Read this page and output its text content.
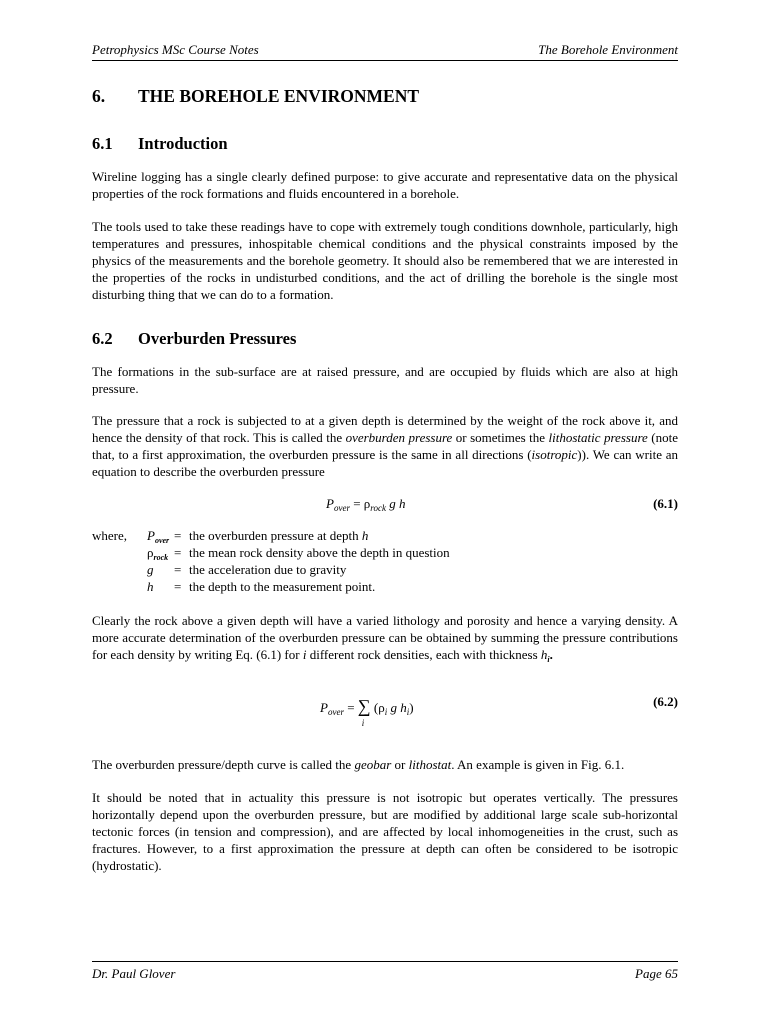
Petrophysics MSc Course Notes	The Borehole Environment
6. THE BOREHOLE ENVIRONMENT
6.1 Introduction
Wireline logging has a single clearly defined purpose: to give accurate and representative data on the physical properties of the rock formations and fluids encountered in a borehole.
The tools used to take these readings have to cope with extremely tough conditions downhole, particularly, high temperatures and pressures, inhospitable chemical conditions and the physical constraints imposed by the physics of the measurements and the borehole geometry. It should also be remembered that we are interested in the properties of the rocks in undisturbed conditions, and the act of drilling the borehole is the single most disturbing thing that we can do to a formation.
6.2 Overburden Pressures
The formations in the sub-surface are at raised pressure, and are occupied by fluids which are also at high pressure.
The pressure that a rock is subjected to at a given depth is determined by the weight of the rock above it, and hence the density of that rock. This is called the overburden pressure or sometimes the lithostatic pressure (note that, to a first approximation, the overburden pressure is the same in all directions (isotropic)). We can write an equation to describe the overburden pressure
$P_{over} = \rho_{rock}$ g h	(6.1)
where,	$P_{over}$ = the overburden pressure at depth h
$\rho_{rock}$ = the mean rock density above the depth in question
g	= the acceleration due to gravity
h	= the depth to the measurement point.
Clearly the rock above a given depth will have a varied lithology and porosity and hence a varying density. A more accurate determination of the overburden pressure can be obtained by summing the pressure contributions for each density by writing Eq. (6.1) for i different rock densities, each with thickness $h_i$.
$P_{over}$ = ∑
i
($\rho_i$ g $h_i$)	(6.2)
The overburden pressure/depth curve is called the geobar or lithostat. An example is given in Fig. 6.1.
It should be noted that in actuality this pressure is not isotropic but operates vertically. The pressures horizontally depend upon the overburden pressure, but are modified by additional large scale sub-horizontal tectonic forces (in tension and compression), and are affected by local inhomogeneities in the crust, such as fractures. However, to a first approximation the pressure at depth can often be considered to be isotropic (hydrostatic).
Dr. Paul Glover	Page 65
